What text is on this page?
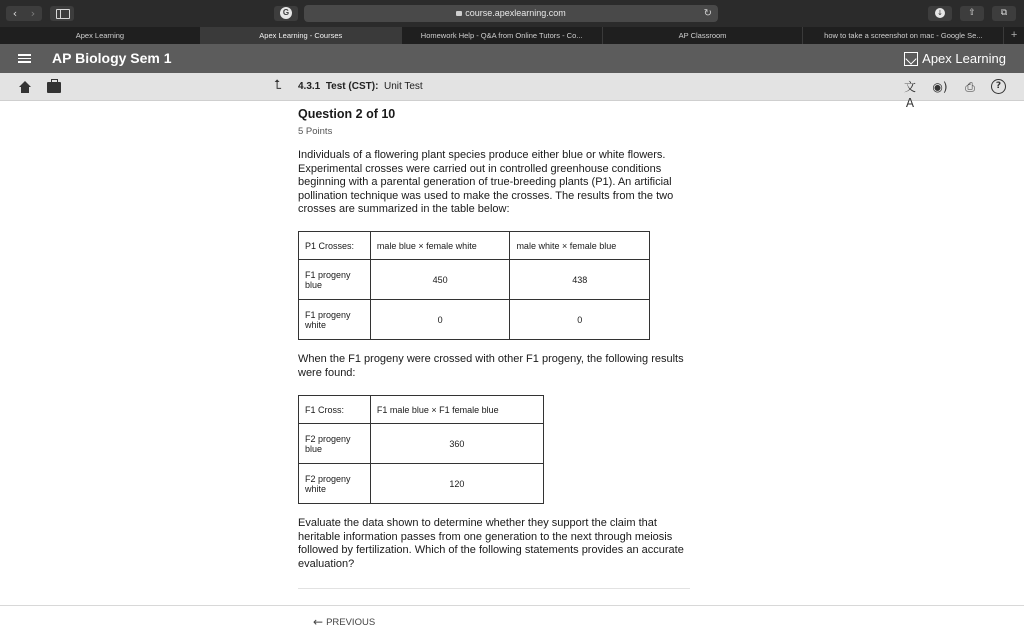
‹	›	G	course.apexlearning.com	↻	↓	⇧	⧉
Apex Learning	Apex Learning - Courses	Homework Help - Q&A from Online Tutors - Co...	AP Classroom	how to take a screenshot on mac - Google Se...	+
AP Biology Sem 1	Apex Learning
⮤ 4.3.1 Test (CST): Unit Test	文A
◉)	⎙	?
Question 2 of 10
5 Points
Individuals of a flowering plant species produce either blue or white flowers. Experimental crosses were carried out in controlled greenhouse conditions beginning with a parental generation of true-breeding plants (P1). An artificial pollination technique was used to make the crosses. The results from the two crosses are summarized in the table below:
P1 Crosses:	male blue × female white	male white × female blue
F1 progeny blue	450	438
F1 progeny white	0	0
When the F1 progeny were crossed with other F1 progeny, the following results were found:
F1 Cross:	F1 male blue × F1 female blue
F2 progeny blue	360
F2 progeny white	120
Evaluate the data shown to determine whether they support the claim that heritable information passes from one generation to the next through meiosis followed by fertilization. Which of the following statements provides an accurate evaluation?
← PREVIOUS
